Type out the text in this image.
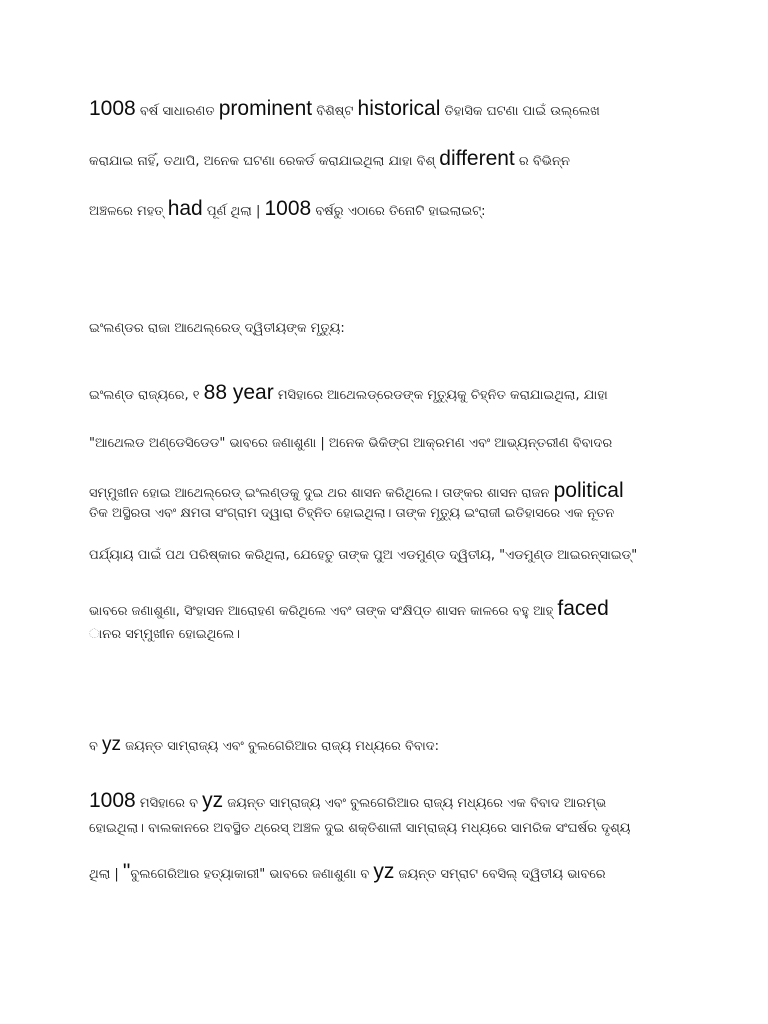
1008 ବର୍ଷ ସାଧାରଣତ prominent ବିଶିଷ୍ଟ historical ତିହାସିକ ଘଟଣା ପାଇଁ ଉଲ୍ଲେଖ
କରାଯାଇ ନାହିଁ, ତଥାପି, ଅନେକ ଘଟଣା ରେକର୍ଡ କରାଯାଇଥିଲା ଯାହା ବିଶ୍ different ର ବିଭିନ୍ନ
ଅଞ୍ଚଳରେ ମହତ୍ had ପୂର୍ଣ ଥିଲା | 1008 ବର୍ଷରୁ ଏଠାରେ ତିନୋଟି ହାଇଲାଇଟ୍:
ଇଂଲଣ୍ଡର ରାଜା ଆଥେଲ୍ରେଡ୍ ଦ୍ୱିତୀୟଙ୍କ ମୃତ୍ୟୁ:
ଇଂଲଣ୍ଡ ରାଜ୍ୟରେ, ୧ 88 year ମସିହାରେ ଆଥେଲଡ୍ରେଡଙ୍କ ମୃତ୍ୟୁକୁ ଚିହ୍ନିତ କରାଯାଇଥିଲା, ଯାହା
"ଆଥେଲଡ ଅଣ୍ଡେସିଡେଡ" ଭାବରେ ଜଣାଶୁଣା | ଅନେକ ଭିକିଙ୍ଗ ଆକ୍ରମଣ ଏବଂ ଆଭ୍ୟନ୍ତରୀଣ ବିବାଦର
ସମ୍ମୁଖୀନ ହୋଇ ଆଥେଲ୍ରେଡ୍ ଇଂଲଣ୍ଡକୁ ଦୁଇ ଥର ଶାସନ କରିଥିଲେ। ତାଙ୍କର ଶାସନ ରାଜନ political
ତିକ ଅସ୍ଥିରତା ଏବଂ କ୍ଷମତା ସଂଗ୍ରାମ ଦ୍ୱାରା ଚିହ୍ନିତ ହୋଇଥିଲା। ତାଙ୍କ ମୃତ୍ୟୁ ଇଂରାଜୀ ଇତିହାସରେ ଏକ ନୂତନ
ପର୍ଯ୍ୟାୟ ପାଇଁ ପଥ ପରିଷ୍କାର କରିଥିଲା, ଯେହେତୁ ତାଙ୍କ ପୁଅ ଏଡମୁଣ୍ଡ ଦ୍ୱିତୀୟ, "ଏଡମୁଣ୍ଡ ଆଇରନ୍ସାଇଡ୍"
ଭାବରେ ଜଣାଶୁଣା, ସିଂହାସନ ଆରୋହଣ କରିଥିଲେ ଏବଂ ତାଙ୍କ ସଂକ୍ଷିପ୍ତ ଶାସନ କାଳରେ ବହୁ ଆହ୍ faced
ାନର ସମ୍ମୁଖୀନ ହୋଇଥିଲେ।
ବ yz ଜୟନ୍ତ ସାମ୍ରାଜ୍ୟ ଏବଂ ବୁଲଗେରିଆର ରାଜ୍ୟ ମଧ୍ୟରେ ବିବାଦ:
1008 ମସିହାରେ ବ yz ଜୟନ୍ତ ସାମ୍ରାଜ୍ୟ ଏବଂ ବୁଲଗେରିଆର ରାଜ୍ୟ ମଧ୍ୟରେ ଏକ ବିବାଦ ଆରମ୍ଭ
ହୋଇଥିଲା। ବାଲକାନରେ ଅବସ୍ଥିତ ଥ୍ରେସ୍ ଅଞ୍ଚଳ ଦୁଇ ଶକ୍ତିଶାଳୀ ସାମ୍ରାଜ୍ୟ ମଧ୍ୟରେ ସାମରିକ ସଂଘର୍ଷର ଦୃଶ୍ୟ
ଥିଲା | "ବୁଲଗେରିଆର ହତ୍ୟାକାରୀ" ଭାବରେ ଜଣାଶୁଣା ବ yz ଜୟନ୍ତ ସମ୍ରାଟ ବେସିଲ୍ ଦ୍ୱିତୀୟ ଭାବରେ
